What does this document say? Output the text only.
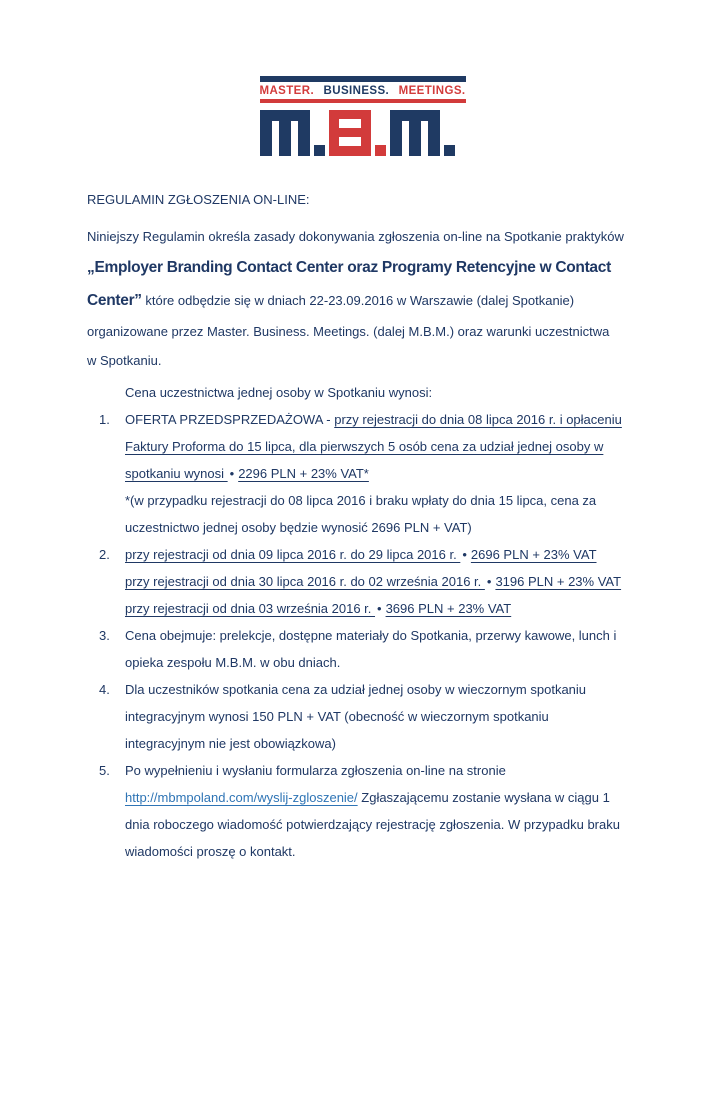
MASTER. BUSINESS. MEETINGS.
REGULAMIN ZGŁOSZENIA ON-LINE:
Niniejszy Regulamin określa zasady dokonywania zgłoszenia on-line na Spotkanie praktyków
„Employer Branding Contact Center oraz Programy Retencyjne w Contact
Center” które odbędzie się w dniach 22-23.09.2016 w Warszawie (dalej Spotkanie)
organizowane przez Master. Business. Meetings. (dalej M.B.M.) oraz warunki uczestnictwa
w Spotkaniu.
Cena uczestnictwa jednej osoby w Spotkaniu wynosi:
1. OFERTA PRZEDSPRZEDAŻOWA - przy rejestracji do dnia 08 lipca 2016 r. i opłaceniu
Faktury Proforma do 15 lipca, dla pierwszych 5 osób cena za udział jednej osoby w
spotkaniu wynosi • 2296 PLN + 23% VAT*
*(w przypadku rejestracji do 08 lipca 2016 i braku wpłaty do dnia 15 lipca, cena za
uczestnictwo jednej osoby będzie wynosić 2696 PLN + VAT)
2. przy rejestracji od dnia 09 lipca 2016 r. do 29 lipca 2016 r. • 2696 PLN + 23% VAT
przy rejestracji od dnia 30 lipca 2016 r. do 02 września 2016 r. • 3196 PLN + 23% VAT
przy rejestracji od dnia 03 września 2016 r. • 3696 PLN + 23% VAT
3. Cena obejmuje: prelekcje, dostępne materiały do Spotkania, przerwy kawowe, lunch i
opieka zespołu M.B.M. w obu dniach.
4. Dla uczestników spotkania cena za udział jednej osoby w wieczornym spotkaniu
integracyjnym wynosi 150 PLN + VAT (obecność w wieczornym spotkaniu
integracyjnym nie jest obowiązkowa)
5. Po wypełnieniu i wysłaniu formularza zgłoszenia on-line na stronie
http://mbmpoland.com/wyslij-zgloszenie/ Zgłaszającemu zostanie wysłana w ciągu 1
dnia roboczego wiadomość potwierdzający rejestrację zgłoszenia. W przypadku braku
wiadomości proszę o kontakt.
